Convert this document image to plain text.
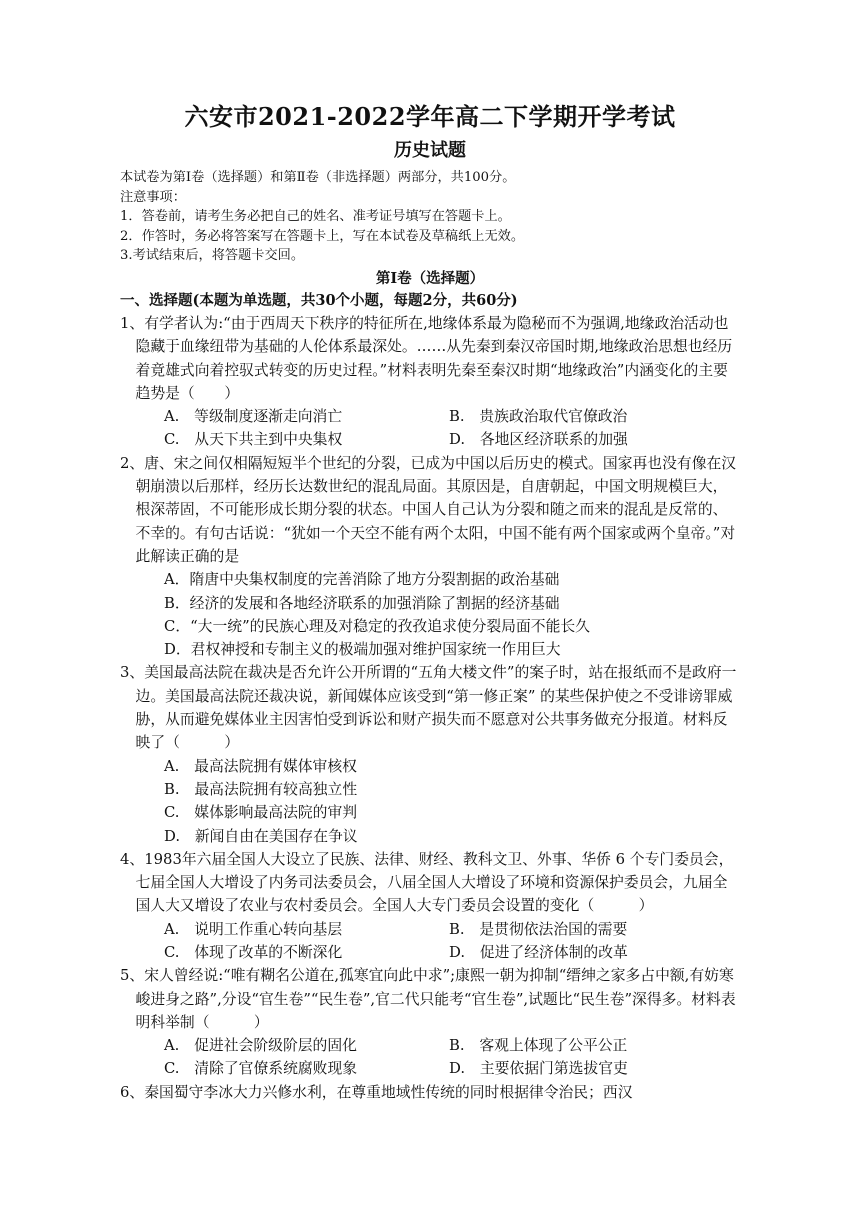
六安市2021-2022学年高二下学期开学考试
历史试题

本试卷为第Ⅰ卷（选择题）和第Ⅱ卷（非选择题）两部分，共100分。

注意事项：

1．答卷前，请考生务必把自己的姓名、准考证号填写在答题卡上。

2．作答时，务必将答案写在答题卡上，写在本试卷及草稿纸上无效。

3.考试结束后，将答题卡交回。

第Ⅰ卷（选择题）

一、选择题(本题为单选题，共30个小题，每题2分，共60分)

1、有学者认为:“由于西周天下秩序的特征所在,地缘体系最为隐秘而不为强调,地缘政治活动也隐藏于血缘纽带为基础的人伦体系最深处。……从先秦到秦汉帝国时期,地缘政治思想也经历着竟雄式向着控驭式转变的历史过程。”材料表明先秦至秦汉时期“地缘政治”内涵变化的主要趋势是（　　）
A.　等级制度逐渐走向消亡	B.　贵族政治取代官僚政治
C.　从天下共主到中央集权	D.　各地区经济联系的加强
2、唐、宋之间仅相隔短短半个世纪的分裂，已成为中国以后历史的模式。国家再也没有像在汉朝崩溃以后那样，经历长达数世纪的混乱局面。其原因是，自唐朝起，中国文明规模巨大，根深蒂固，不可能形成长期分裂的状态。中国人自己认为分裂和随之而来的混乱是反常的、不幸的。有句古话说：“犹如一个天空不能有两个太阳，中国不能有两个国家或两个皇帝。”对此解读正确的是

A．隋唐中央集权制度的完善消除了地方分裂割据的政治基础

B．经济的发展和各地经济联系的加强消除了割据的经济基础

C．“大一统”的民族心理及对稳定的孜孜追求使分裂局面不能长久

D．君权神授和专制主义的极端加强对维护国家统一作用巨大

3、美国最高法院在裁决是否允许公开所谓的“五角大楼文件”的案子时，站在报纸而不是政府一边。美国最高法院还裁决说，新闻媒体应该受到“第一修正案” 的某些保护使之不受诽谤罪威胁，从而避免媒体业主因害怕受到诉讼和财产损失而不愿意对公共事务做充分报道。材料反映了（　　　）

A.　最高法院拥有媒体审核权

B.　最高法院拥有较高独立性

C.　媒体影响最高法院的审判

D.　新闻自由在美国存在争议

4、1983年六届全国人大设立了民族、法律、财经、教科文卫、外事、华侨 6 个专门委员会，七届全国人大增设了内务司法委员会，八届全国人大增设了环境和资源保护委员会，九届全国人大又增设了农业与农村委员会。全国人大专门委员会设置的变化（　　　）
A.　说明工作重心转向基层	B.　是贯彻依法治国的需要
C.　体现了改革的不断深化	D.　促进了经济体制的改革
5、宋人曾经说:“唯有糊名公道在,孤寒宜向此中求”;康熙一朝为抑制“缙绅之家多占中额,有妨寒峻进身之路”,分设“官生卷”“民生卷”,官二代只能考“官生卷”,试题比“民生卷”深得多。材料表明科举制（　　　）
A.　促进社会阶级阶层的固化	B.　客观上体现了公平公正
C.　清除了官僚系统腐败现象	D.　主要依据门第选拔官吏
6、秦国蜀守李冰大力兴修水利，在尊重地域性传统的同时根据律令治民；西汉
